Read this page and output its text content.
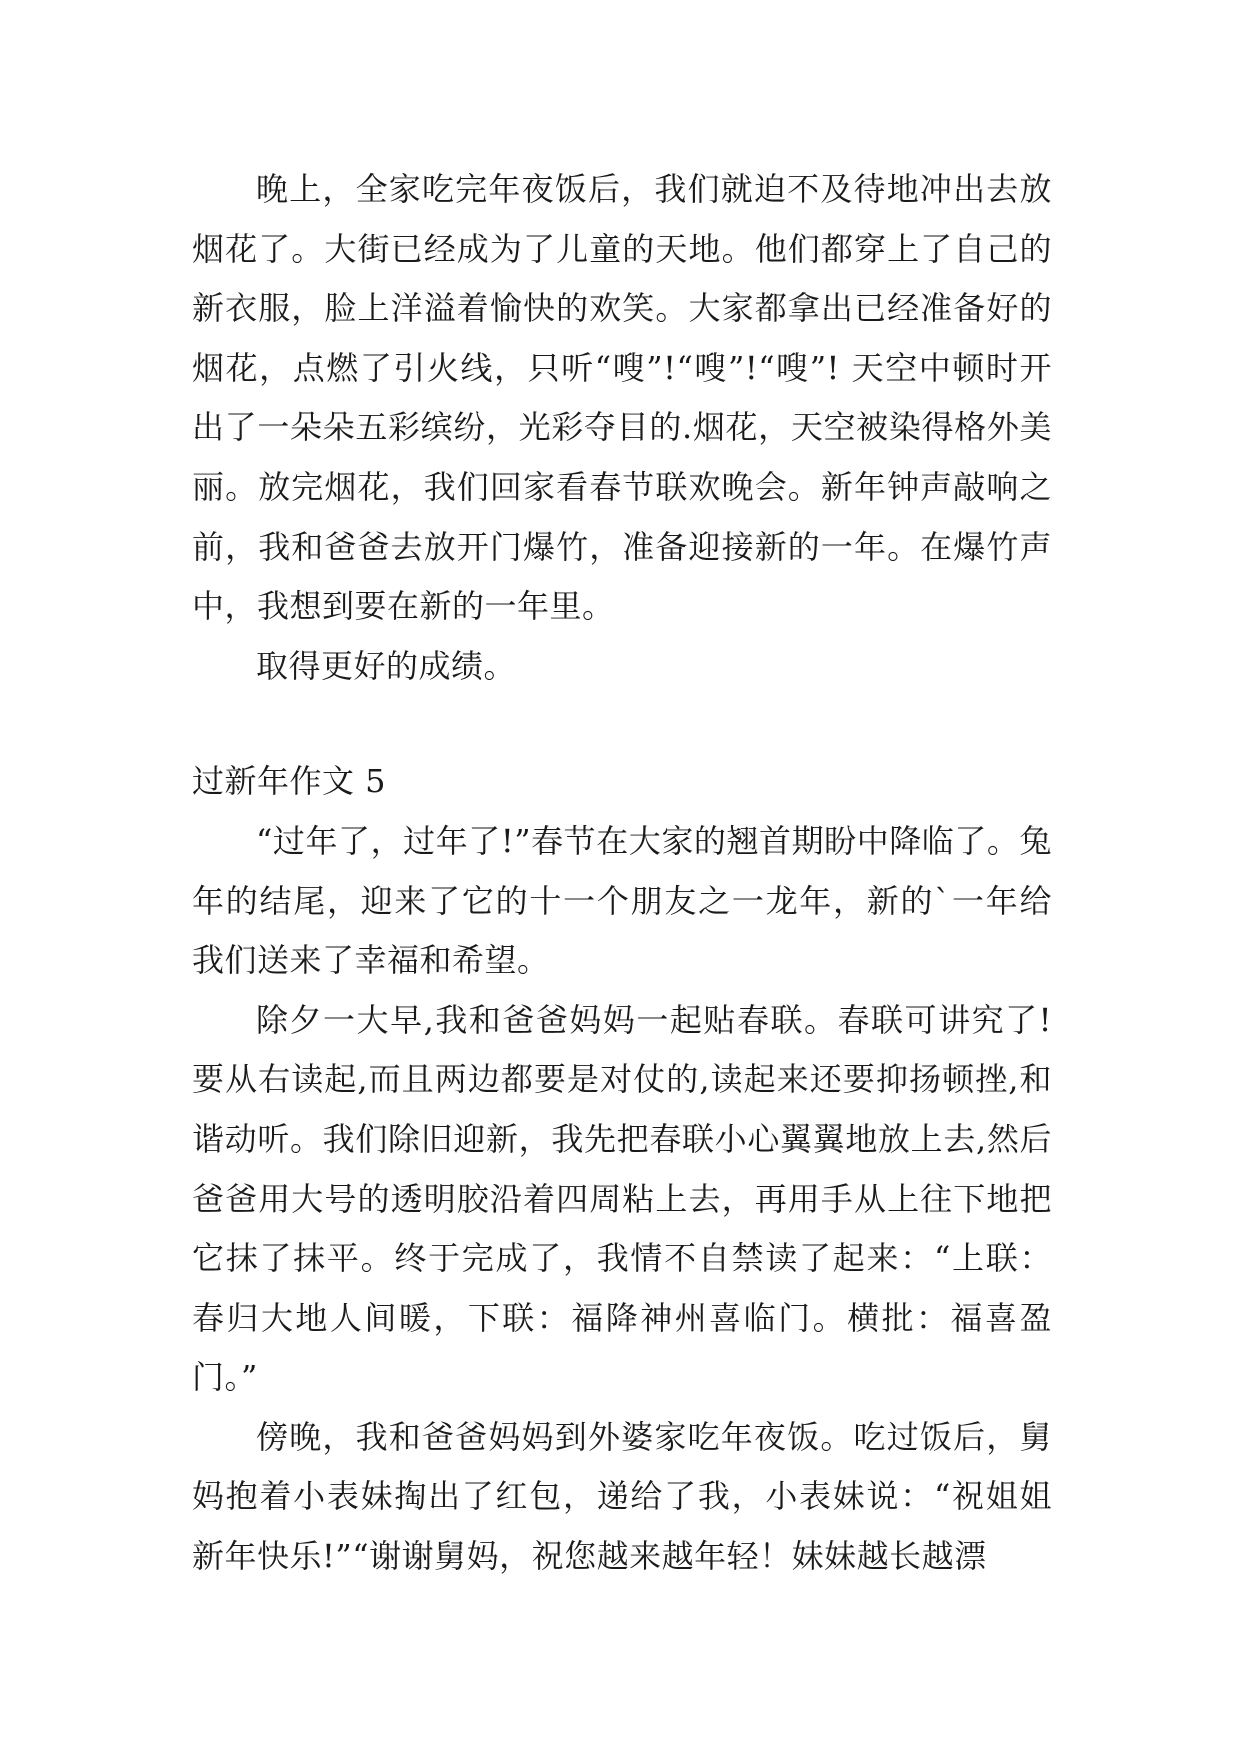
晚上，全家吃完年夜饭后，我们就迫不及待地冲出去放烟花了。大街已经成为了儿童的天地。他们都穿上了自己的新衣服，脸上洋溢着愉快的欢笑。大家都拿出已经准备好的烟花，点燃了引火线，只听“嗖”!“嗖”!“嗖”! 天空中顿时开出了一朵朵五彩缤纷，光彩夺目的.烟花，天空被染得格外美丽。放完烟花，我们回家看春节联欢晚会。新年钟声敲响之前，我和爸爸去放开门爆竹，准备迎接新的一年。在爆竹声中，我想到要在新的一年里。

取得更好的成绩。

过新年作文 5

“过年了，过年了!”春节在大家的翘首期盼中降临了。兔年的结尾，迎来了它的十一个朋友之一龙年，新的`一年给我们送来了幸福和希望。

除夕一大早,我和爸爸妈妈一起贴春联。春联可讲究了!要从右读起,而且两边都要是对仗的,读起来还要抑扬顿挫,和谐动听。我们除旧迎新，我先把春联小心翼翼地放上去,然后爸爸用大号的透明胶沿着四周粘上去，再用手从上往下地把它抹了抹平。终于完成了，我情不自禁读了起来：“上联：春归大地人间暖，下联：福降神州喜临门。横批：福喜盈门。”

傍晚，我和爸爸妈妈到外婆家吃年夜饭。吃过饭后，舅妈抱着小表妹掏出了红包，递给了我，小表妹说：“祝姐姐新年快乐!”“谢谢舅妈，祝您越来越年轻！妹妹越长越漂
